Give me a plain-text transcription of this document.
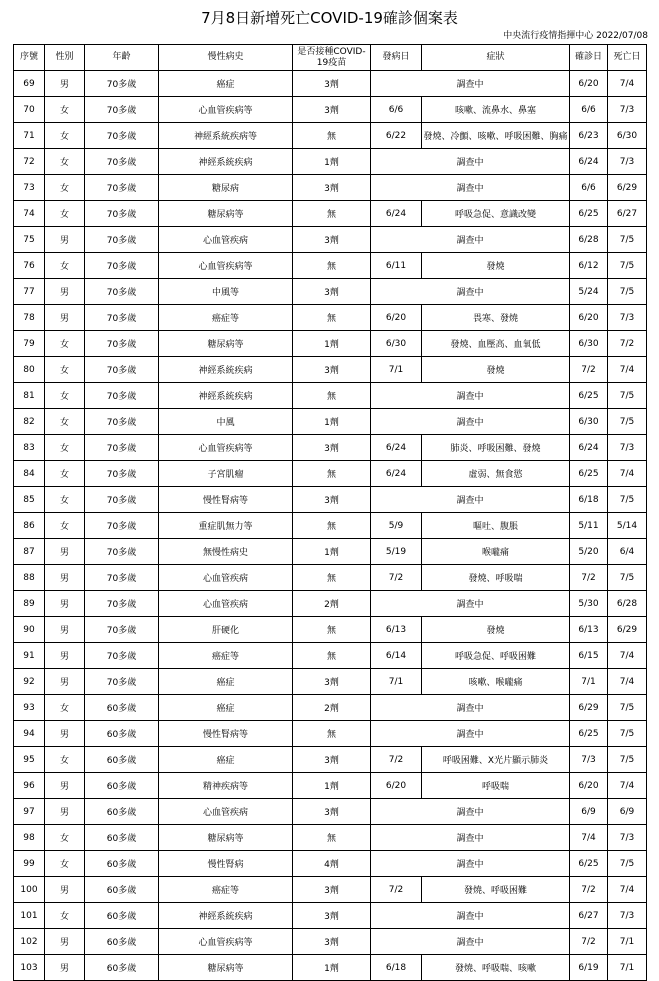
7月8日新增死亡COVID-19確診個案表
中央流行疫情指揮中心 2022/07/08
序號	性別	年齡	慢性病史	是否接種COVID-19疫苗	發病日	症狀	確診日	死亡日
69	男	70多歲	癌症	3劑	調查中		6/20	7/4
70	女	70多歲	心血管疾病等	3劑	6/6	咳嗽、流鼻水、鼻塞	6/6	7/3
71	女	70多歲	神經系統疾病等	無	6/22	發燒、冷顫、咳嗽、呼吸困難、胸痛	6/23	6/30
72	女	70多歲	神經系統疾病	1劑	調查中		6/24	7/3
73	女	70多歲	糖尿病	3劑	調查中		6/6	6/29
74	女	70多歲	糖尿病等	無	6/24	呼吸急促、意識改變	6/25	6/27
75	男	70多歲	心血管疾病	3劑	調查中		6/28	7/5
76	女	70多歲	心血管疾病等	無	6/11	發燒	6/12	7/5
77	男	70多歲	中風等	3劑	調查中		5/24	7/5
78	男	70多歲	癌症等	無	6/20	畏寒、發燒	6/20	7/3
79	女	70多歲	糖尿病等	1劑	6/30	發燒、血壓高、血氧低	6/30	7/2
80	女	70多歲	神經系統疾病	3劑	7/1	發燒	7/2	7/4
81	女	70多歲	神經系統疾病	無	調查中		6/25	7/5
82	女	70多歲	中風	1劑	調查中		6/30	7/5
83	女	70多歲	心血管疾病等	3劑	6/24	肺炎、呼吸困難、發燒	6/24	7/3
84	女	70多歲	子宮肌瘤	無	6/24	虛弱、無食慾	6/25	7/4
85	女	70多歲	慢性腎病等	3劑	調查中		6/18	7/5
86	女	70多歲	重症肌無力等	無	5/9	嘔吐、腹脹	5/11	5/14
87	男	70多歲	無慢性病史	1劑	5/19	喉嚨痛	5/20	6/4
88	男	70多歲	心血管疾病	無	7/2	發燒、呼吸喘	7/2	7/5
89	男	70多歲	心血管疾病	2劑	調查中		5/30	6/28
90	男	70多歲	肝硬化	無	6/13	發燒	6/13	6/29
91	男	70多歲	癌症等	無	6/14	呼吸急促、呼吸困難	6/15	7/4
92	男	70多歲	癌症	3劑	7/1	咳嗽、喉嚨痛	7/1	7/4
93	女	60多歲	癌症	2劑	調查中		6/29	7/5
94	男	60多歲	慢性腎病等	無	調查中		6/25	7/5
95	女	60多歲	癌症	3劑	7/2	呼吸困難、X光片顯示肺炎	7/3	7/5
96	男	60多歲	精神疾病等	1劑	6/20	呼吸喘	6/20	7/4
97	男	60多歲	心血管疾病	3劑	調查中		6/9	6/9
98	女	60多歲	糖尿病等	無	調查中		7/4	7/3
99	女	60多歲	慢性腎病	4劑	調查中		6/25	7/5
100	男	60多歲	癌症等	3劑	7/2	發燒、呼吸困難	7/2	7/4
101	女	60多歲	神經系統疾病	3劑	調查中		6/27	7/3
102	男	60多歲	心血管疾病等	3劑	調查中		7/2	7/1
103	男	60多歲	糖尿病等	1劑	6/18	發燒、呼吸喘、咳嗽	6/19	7/1
